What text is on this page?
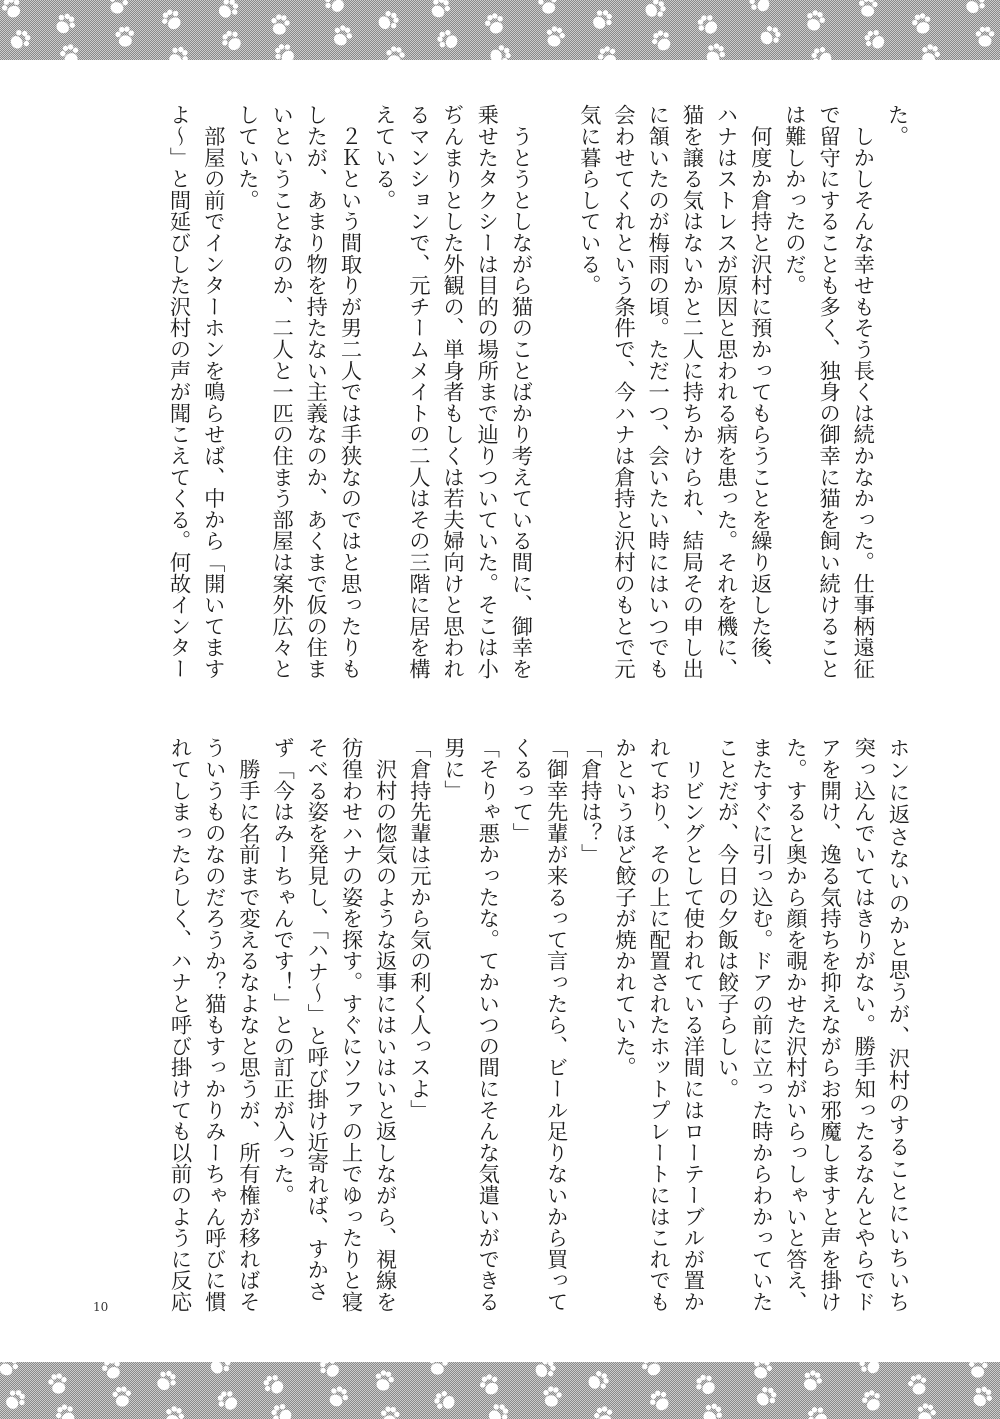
た。
　しかしそんな幸せもそう長くは続かなかった。仕事柄遠征
で留守にすることも多く、独身の御幸に猫を飼い続けること
は難しかったのだ。
　何度か倉持と沢村に預かってもらうことを繰り返した後、
ハナはストレスが原因と思われる病を患った。それを機に、
猫を譲る気はないかと二人に持ちかけられ、結局その申し出
に頷いたのが梅雨の頃。ただ一つ、会いたい時にはいつでも
会わせてくれという条件で、今ハナは倉持と沢村のもとで元
気に暮らしている。
　うとうとしながら猫のことばかり考えている間に、御幸を
乗せたタクシーは目的の場所まで辿りついていた。そこは小
ぢんまりとした外観の、単身者もしくは若夫婦向けと思われ
るマンションで、元チームメイトの二人はその三階に居を構
えている。
　２Ｋという間取りが男二人では手狭なのではと思ったりも
したが、あまり物を持たない主義なのか、あくまで仮の住ま
いということなのか、二人と一匹の住まう部屋は案外広々と
していた。
　部屋の前でインターホンを鳴らせば、中から「開いてます
よ〜」と間延びした沢村の声が聞こえてくる。何故インター
ホンに返さないのかと思うが、沢村のすることにいちいち
突っ込んでいてはきりがない。勝手知ったるなんとやらでド
アを開け、逸る気持ちを抑えながらお邪魔しますと声を掛け
た。すると奥から顔を覗かせた沢村がいらっしゃいと答え、
またすぐに引っ込む。ドアの前に立った時からわかっていた
ことだが、今日の夕飯は餃子らしい。
　リビングとして使われている洋間にはローテーブルが置か
れており、その上に配置されたホットプレートにはこれでも
かというほど餃子が焼かれていた。
「倉持は？」
「御幸先輩が来るって言ったら、ビール足りないから買って
くるって」
「そりゃ悪かったな。てかいつの間にそんな気遣いができる
男に」
「倉持先輩は元から気の利く人っスよ」
　沢村の惚気のような返事にはいはいと返しながら、視線を
彷徨わせハナの姿を探す。すぐにソファの上でゆったりと寝
そべる姿を発見し、「ハナ〜」と呼び掛け近寄れば、すかさ
ず「今はみーちゃんです！」との訂正が入った。
　勝手に名前まで変えるなよなと思うが、所有権が移ればそ
ういうものなのだろうか？猫もすっかりみーちゃん呼びに慣
れてしまったらしく、ハナと呼び掛けても以前のように反応
10
